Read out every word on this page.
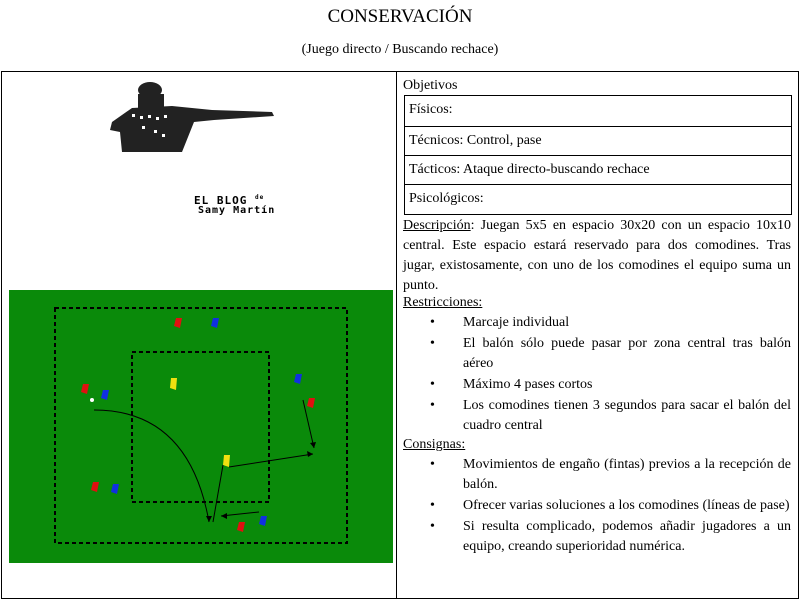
CONSERVACIÓN
(Juego directo / Buscando rechace)
EL BLOG $^{de}$
Samy Martín
Objetivos
Físicos:
Técnicos: Control, pase
Tácticos: Ataque directo-buscando rechace
Psicológicos:
Descripción: Juegan 5x5 en espacio 30x20 con un espacio 10x10 central. Este espacio estará reservado para dos comodines. Tras jugar, existosamente, con uno de los comodines el equipo suma un punto.
Restricciones:
• Marcaje individual
• El balón sólo puede pasar por zona central tras balón aéreo
• Máximo 4 pases cortos
• Los comodines tienen 3 segundos para sacar el balón del cuadro central
Consignas:
• Movimientos de engaño (fintas) previos a la recepción de balón.
• Ofrecer varias soluciones a los comodines (líneas de pase)
• Si resulta complicado, podemos añadir jugadores a un equipo, creando superioridad numérica.
